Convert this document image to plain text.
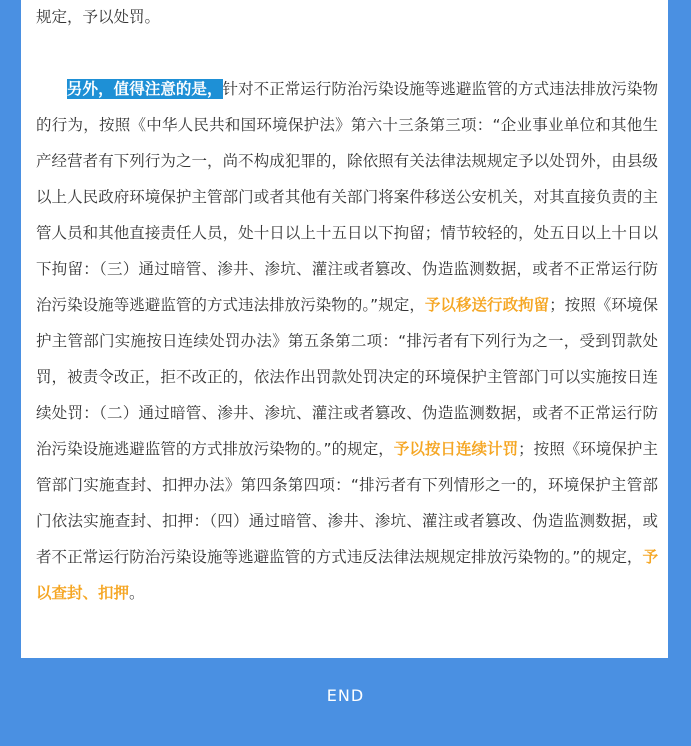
规定，予以处罚。

另外，值得注意的是，针对不正常运行防治污染设施等逃避监管的方式违法排放污染物的行为，按照《中华人民共和国环境保护法》第六十三条第三项：“企业事业单位和其他生产经营者有下列行为之一，尚不构成犯罪的，除依照有关法律法规规定予以处罚外，由县级以上人民政府环境保护主管部门或者其他有关部门将案件移送公安机关，对其直接负责的主管人员和其他直接责任人员，处十日以上十五日以下拘留；情节较轻的，处五日以上十日以下拘留：（三）通过暗管、渗井、渗坑、灌注或者篡改、伪造监测数据，或者不正常运行防治污染设施等逃避监管的方式违法排放污染物的。”规定，予以移送行政拘留；按照《环境保护主管部门实施按日连续处罚办法》第五条第二项：“排污者有下列行为之一，受到罚款处罚，被责令改正，拒不改正的，依法作出罚款处罚决定的环境保护主管部门可以实施按日连续处罚：（二）通过暗管、渗井、渗坑、灌注或者篡改、伪造监测数据，或者不正常运行防治污染设施逃避监管的方式排放污染物的。”的规定，予以按日连续计罚；按照《环境保护主管部门实施查封、扣押办法》第四条第四项：“排污者有下列情形之一的，环境保护主管部门依法实施查封、扣押：（四）通过暗管、渗井、渗坑、灌注或者篡改、伪造监测数据，或者不正常运行防治污染设施等逃避监管的方式违反法律法规规定排放污染物的。”的规定，予以查封、扣押。

END
